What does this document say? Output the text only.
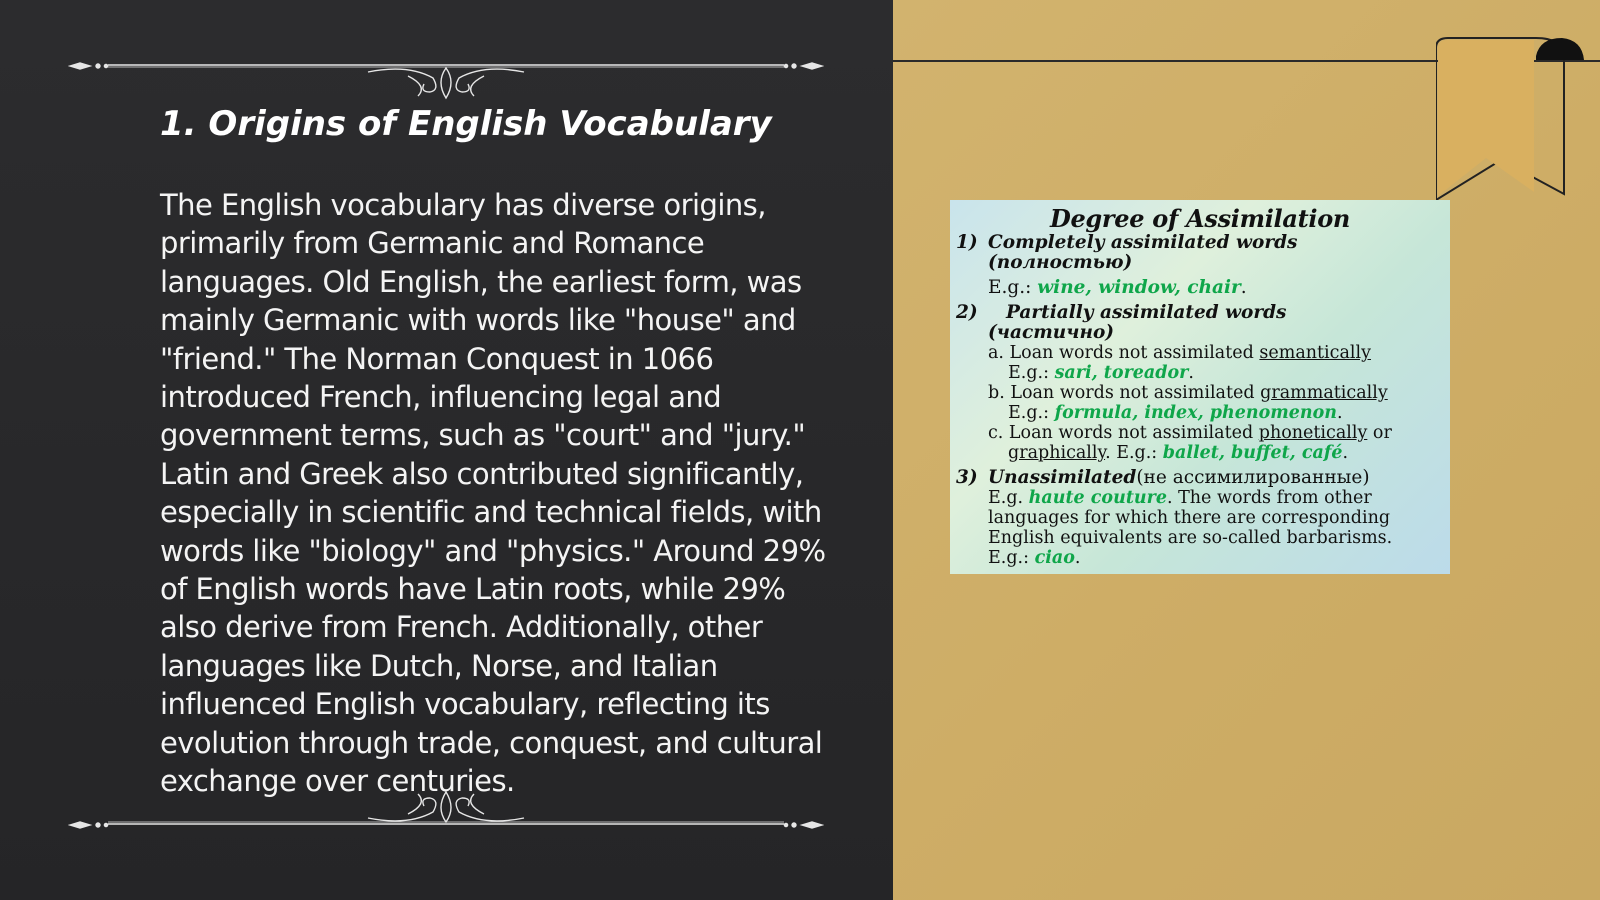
1. Origins of English Vocabulary

The English vocabulary has diverse origins, primarily from Germanic and Romance languages. Old English, the earliest form, was mainly Germanic with words like "house" and "friend." The Norman Conquest in 1066 introduced French, influencing legal and government terms, such as "court" and "jury." Latin and Greek also contributed significantly, especially in scientific and technical fields, with words like "biology" and "physics." Around 29% of English words have Latin roots, while 29% also derive from French. Additionally, other languages like Dutch, Norse, and Italian influenced English vocabulary, reflecting its evolution through trade, conquest, and cultural exchange over centuries.

Degree of Assimilation
1) Completely assimilated words
(полностью)
E.g.: wine, window, chair.
2)	Partially assimilated words
(частично)
a. Loan words not assimilated semantically
E.g.: sari, toreador.
b. Loan words not assimilated grammatically
E.g.: formula, index, phenomenon.
c. Loan words not assimilated phonetically or
graphically. E.g.: ballet, buffet, café.
3) Unassimilated (не ассимилированные)
E.g. haute couture. The words from other
languages for which there are corresponding
English equivalents are so-called barbarisms.
E.g.: ciao.
